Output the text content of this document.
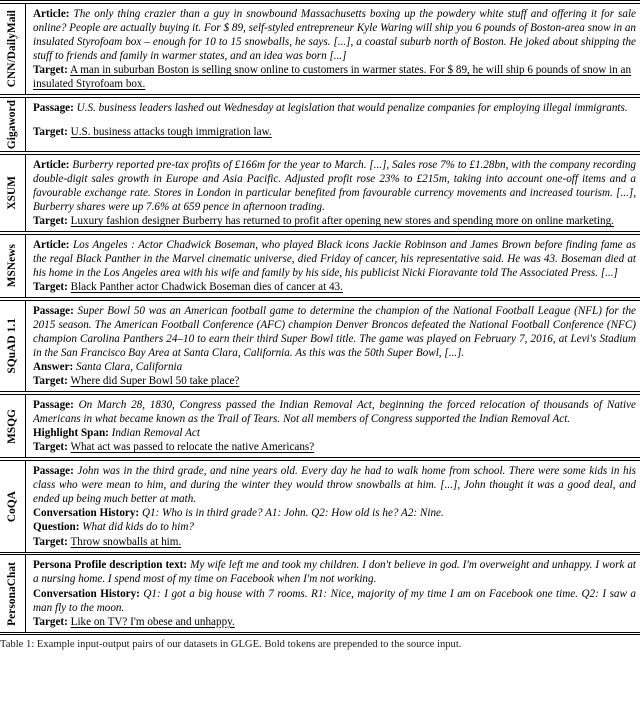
CNN/DailyMail Article: The only thing crazier than a guy in snowbound Massachusetts boxing up the powdery white stuff and offering it for sale online? People are actually buying it. For $ 89, self-styled entrepreneur Kyle Waring will ship you 6 pounds of Boston-area snow in an insulated Styrofoam box – enough for 10 to 15 snowballs, he says. [...], a coastal suburb north of Boston. He joked about shipping the stuff to friends and family in warmer states, and an idea was born [...]

Target: A man in suburban Boston is selling snow online to customers in warmer states. For $ 89, he will ship 6 pounds of snow in an insulated Styrofoam box.

Gigaword Passage: U.S. business leaders lashed out Wednesday at legislation that would penalize companies for employing illegal immigrants.

Target: U.S. business attacks tough immigration law.

XSUM

Article: Burberry reported pre-tax profits of £166m for the year to March. [...], Sales rose 7% to £1.28bn, with the company recording double-digit sales growth in Europe and Asia Pacific. Adjusted profit rose 23% to £215m, taking into account one-off items and a favourable exchange rate. Stores in London in particular benefited from favourable currency movements and increased tourism. [...], Burberry shares were up 7.6% at 659 pence in afternoon trading.

Target: Luxury fashion designer Burberry has returned to profit after opening new stores and spending more on online marketing.

MSNews Article: Los Angeles : Actor Chadwick Boseman, who played Black icons Jackie Robinson and James Brown before finding fame as the regal Black Panther in the Marvel cinematic universe, died Friday of cancer, his representative said. He was 43. Boseman died at his home in the Los Angeles area with his wife and family by his side, his publicist Nicki Fioravante told The Associated Press. [...]

Target: Black Panther actor Chadwick Boseman dies of cancer at 43.

SQuAD 1.1

Passage: Super Bowl 50 was an American football game to determine the champion of the National Football League (NFL) for the 2015 season. The American Football Conference (AFC) champion Denver Broncos defeated the National Football Conference (NFC) champion Carolina Panthers 24–10 to earn their third Super Bowl title. The game was played on February 7, 2016, at Levi's Stadium in the San Francisco Bay Area at Santa Clara, California. As this was the 50th Super Bowl, [...].

Answer: Santa Clara, California

Target: Where did Super Bowl 50 take place?

MSQG

Passage: On March 28, 1830, Congress passed the Indian Removal Act, beginning the forced relocation of thousands of Native Americans in what became known as the Trail of Tears. Not all members of Congress supported the Indian Removal Act.

Highlight Span: Indian Removal Act

Target: What act was passed to relocate the native Americans?

CoQA

Passage: John was in the third grade, and nine years old. Every day he had to walk home from school. There were some kids in his class who were mean to him, and during the winter they would throw snowballs at him. [...], John thought it was a good deal, and ended up being much better at math.

Conversation History: Q1: Who is in third grade? A1: John. Q2: How old is he? A2: Nine.

Question: What did kids do to him?

Target: Throw snowballs at him.

PersonaChat Persona Profile description text: My wife left me and took my children. I don't believe in god. I'm overweight and unhappy. I work at a nursing home. I spend most of my time on Facebook when I'm not working.

Conversation History: Q1: I got a big house with 7 rooms. R1: Nice, majority of my time I am on Facebook one time. Q2: I saw a man fly to the moon.

Target: Like on TV? I'm obese and unhappy.

Table 1: Example input-output pairs of our datasets in GLGE. Bold tokens are prepended to the source input.
